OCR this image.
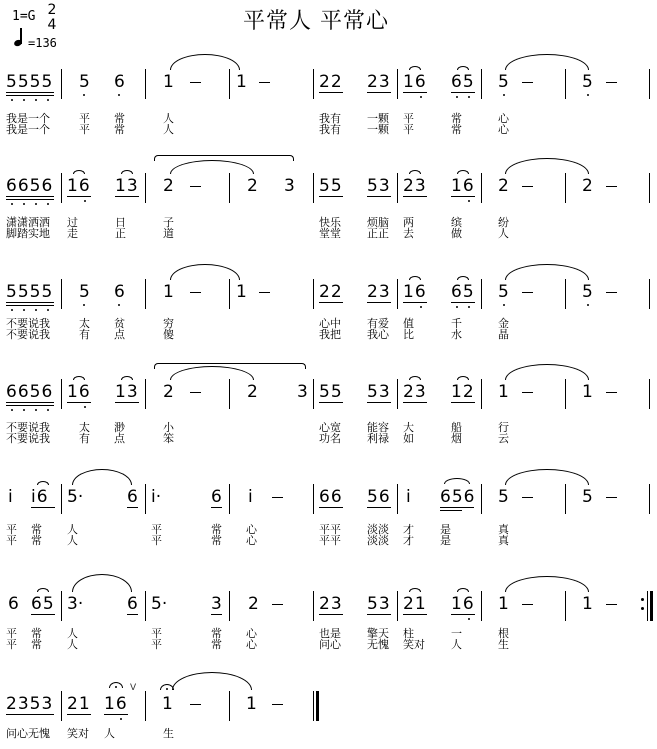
平常人 平常心
1=G 2
4
=136
5555 5 6 1	1	22 23 16 65 5	5
我是一个	平 常	人	我有 一颗 平	常	心
我是一个	平 常	人	我有 一颗 平	常	心
6656 16 13 2	2 3 55 53 23 16 2	2
潇潇洒洒 过	日	子	快乐 烦脑 两	缤	纷
脚踏实地 走	正	道	堂堂 正正 去	做	人
5555 5 6 1	1	22 23 16 65 5	5
不要说我	太 贫	穷	心中 有爱 值	千	金
不要说我	有 点	傻	我把 我心 比	水	晶
6656 16 13 2	2 3 55 53 23 12 1	1
不要说我	太 渺	小	心宽 能容 大	船	行
不要说我	有 点	笨	功名 利禄 如	烟	云
i i6 5·	6 i·	6 i	66 56 i 656 5	5
平 常 人	平	常 心	平平 淡淡 才 是	真
平 常 人	平	常 心	平平 淡淡 才 是	真
6 65 3·	6 5·	3 2	23 53 21 16 1	1
平 常 人	平	常 心	也是 擎天 柱	一	根
平 常 人	平	常 心	问心 无愧 笑对 人	生
2353 21 16
V
1	1
问心无愧 笑对 人	生
